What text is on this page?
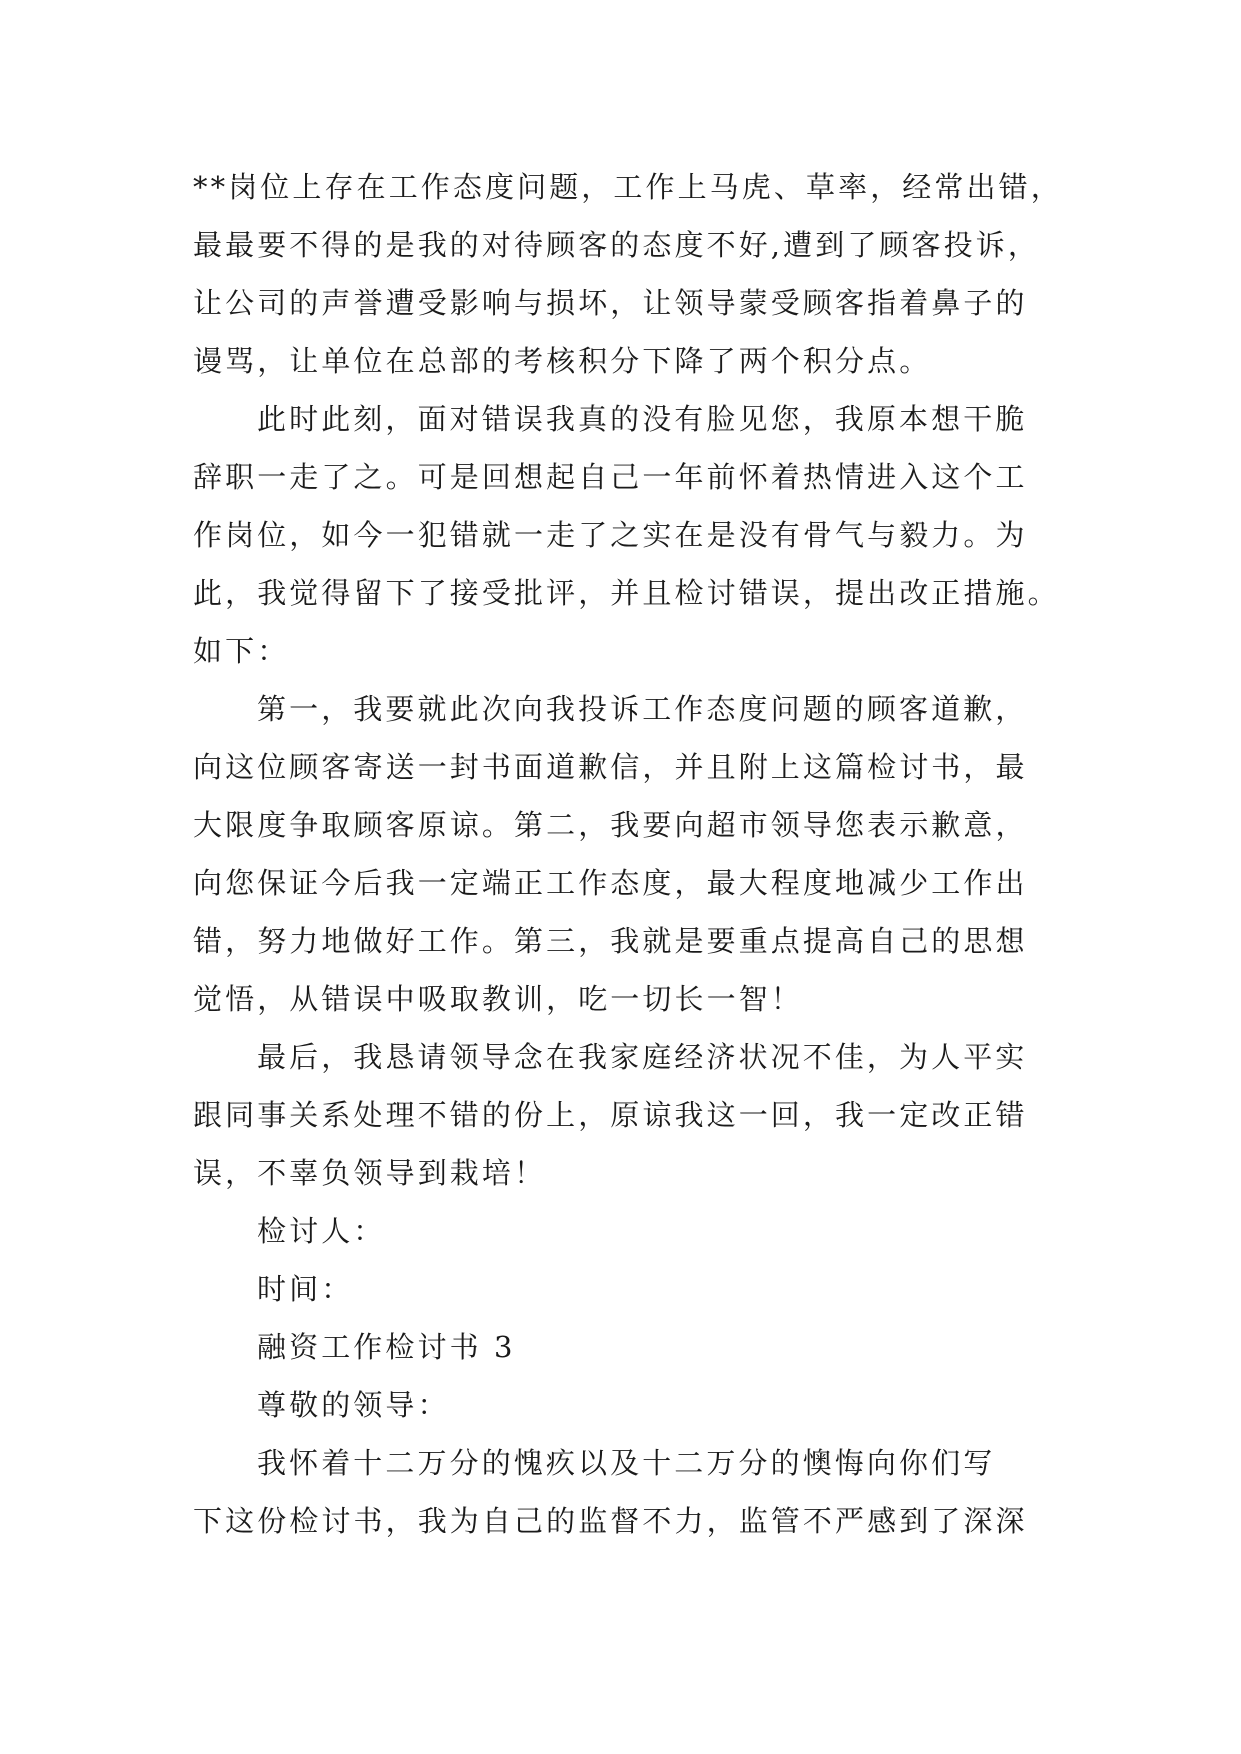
**岗位上存在工作态度问题，工作上马虎、草率，经常出错，
最最要不得的是我的对待顾客的态度不好,遭到了顾客投诉，
让公司的声誉遭受影响与损坏，让领导蒙受顾客指着鼻子的
谩骂，让单位在总部的考核积分下降了两个积分点。
此时此刻，面对错误我真的没有脸见您，我原本想干脆
辞职一走了之。可是回想起自己一年前怀着热情进入这个工
作岗位，如今一犯错就一走了之实在是没有骨气与毅力。为
此，我觉得留下了接受批评，并且检讨错误，提出改正措施。
如下：
第一，我要就此次向我投诉工作态度问题的顾客道歉，
向这位顾客寄送一封书面道歉信，并且附上这篇检讨书，最
大限度争取顾客原谅。第二，我要向超市领导您表示歉意，
向您保证今后我一定端正工作态度，最大程度地减少工作出
错，努力地做好工作。第三，我就是要重点提高自己的思想
觉悟，从错误中吸取教训，吃一切长一智！
最后，我恳请领导念在我家庭经济状况不佳，为人平实
跟同事关系处理不错的份上，原谅我这一回，我一定改正错
误，不辜负领导到栽培！
检讨人：
时间：
融资工作检讨书 3
尊敬的领导：
我怀着十二万分的愧疚以及十二万分的懊悔向你们写
下这份检讨书，我为自己的监督不力，监管不严感到了深深
